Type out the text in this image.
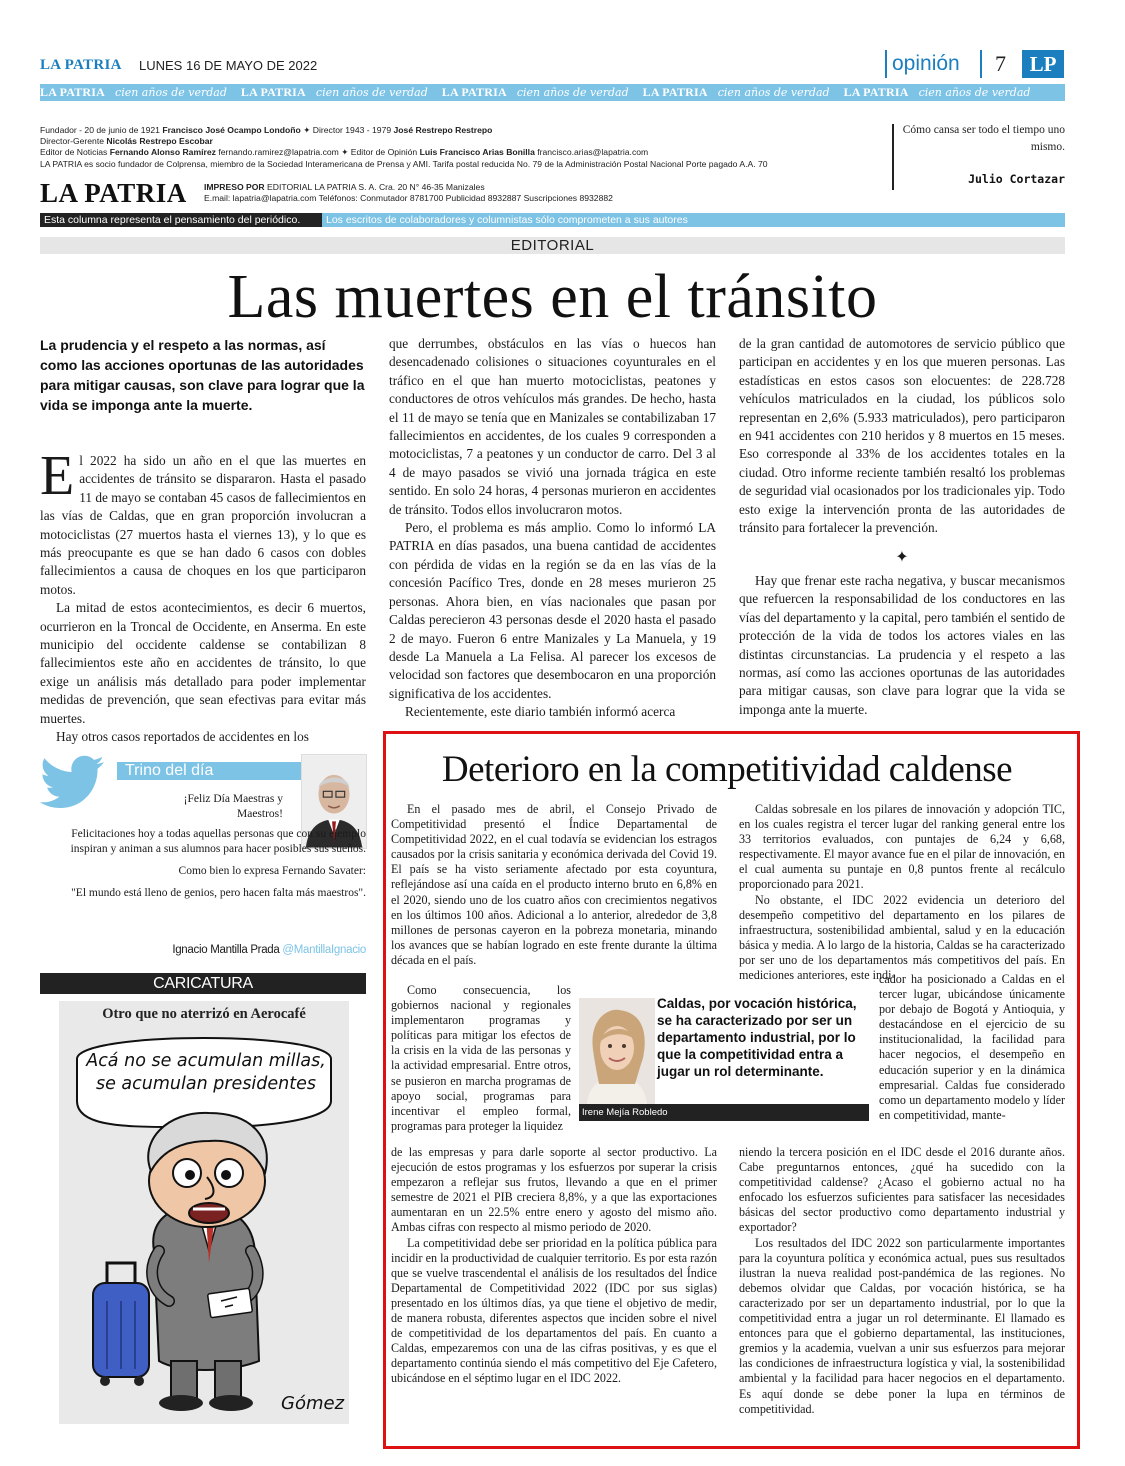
LA PATRIA LUNES 16 DE MAYO DE 2022	opinión 7	LP
LA PATRIA cien años de verdad LA PATRIA cien años de verdad LA PATRIA cien años de verdad LA PATRIA cien años de verdad LA PATRIA cien años de verdad
Fundador - 20 de junio de 1921 Francisco José Ocampo Londoño ✦ Director 1943 - 1979 José Restrepo Restrepo
Director-Gerente Nicolás Restrepo Escobar
Editor de Noticias Fernando Alonso Ramírez fernando.ramirez@lapatria.com ✦ Editor de Opinión Luis Francisco Arias Bonilla francisco.arias@lapatria.com
LA PATRIA es socio fundador de Colprensa, miembro de la Sociedad Interamericana de Prensa y AMI. Tarifa postal reducida No. 79 de la Administración Postal Nacional Porte pagado A.A. 70
LA PATRIA IMPRESO POR EDITORIAL LA PATRIA S. A. Cra. 20 N° 46-35 Manizales
E.mail: lapatria@lapatria.com Teléfonos: Conmutador 8781700 Publicidad 8932887 Suscripciones 8932882
Esta columna representa el pensamiento del periódico.	Los escritos de colaboradores y columnistas sólo comprometen a sus autores
Cómo cansa ser todo el tiempo uno mismo.
Julio Cortazar
EDITORIAL
Las muertes en el tránsito
La prudencia y el respeto a las normas, así como las acciones oportunas de las autoridades para mitigar causas, son clave para lograr que la vida se imponga ante la muerte.

El 2022 ha sido un año en el que las muertes en accidentes de tránsito se dispararon. Hasta el pasado 11 de mayo se contaban 45 casos de fallecimientos en las vías de Caldas, que en gran proporción involucran a motociclistas (27 muertos hasta el viernes 13), y lo que es más preocupante es que se han dado 6 casos con dobles fallecimientos a causa de choques en los que participaron motos.

La mitad de estos acontecimientos, es decir 6 muertos, ocurrieron en la Troncal de Occidente, en Anserma. En este municipio del occidente caldense se contabilizan 8 fallecimientos este año en accidentes de tránsito, lo que exige un análisis más detallado para poder implementar medidas de prevención, que sean efectivas para evitar más muertes.

Hay otros casos reportados de accidentes en los

que derrumbes, obstáculos en las vías o huecos han desencadenado colisiones o situaciones coyunturales en el tráfico en el que han muerto motociclistas, peatones y conductores de otros vehículos más grandes. De hecho, hasta el 11 de mayo se tenía que en Manizales se contabilizaban 17 fallecimientos en accidentes, de los cuales 9 corresponden a motociclistas, 7 a peatones y un conductor de carro. Del 3 al 4 de mayo pasados se vivió una jornada trágica en este sentido. En solo 24 horas, 4 personas murieron en accidentes de tránsito. Todos ellos involucraron motos.

Pero, el problema es más amplio. Como lo informó LA PATRIA en días pasados, una buena cantidad de accidentes con pérdida de vidas en la región se da en las vías de la concesión Pacífico Tres, donde en 28 meses murieron 25 personas. Ahora bien, en vías nacionales que pasan por Caldas perecieron 43 personas desde el 2020 hasta el pasado 2 de mayo. Fueron 6 entre Manizales y La Manuela, y 19 desde La Manuela a La Felisa. Al parecer los excesos de velocidad son factores que desembocaron en una proporción significativa de los accidentes.

Recientemente, este diario también informó acerca

de la gran cantidad de automotores de servicio público que participan en accidentes y en los que mueren personas. Las estadísticas en estos casos son elocuentes: de 228.728 vehículos matriculados en la ciudad, los públicos solo representan en 2,6% (5.933 matriculados), pero participaron en 941 accidentes con 210 heridos y 8 muertos en 15 meses. Eso corresponde al 33% de los accidentes totales en la ciudad. Otro informe reciente también resaltó los problemas de seguridad vial ocasionados por los tradicionales yip. Todo esto exige la intervención pronta de las autoridades de tránsito para fortalecer la prevención.

✦

Hay que frenar este racha negativa, y buscar mecanismos que refuercen la responsabilidad de los conductores en las vías del departamento y la capital, pero también el sentido de protección de la vida de todos los actores viales en las distintas circunstancias. La prudencia y el respeto a las normas, así como las acciones oportunas de las autoridades para mitigar causas, son clave para lograr que la vida se imponga ante la muerte.

Trino del día
¡Feliz Día Maestras y Maestros!
Felicitaciones hoy a todas aquellas personas que con su ejemplo inspiran y animan a sus alumnos para hacer posibles sus sueños.
Como bien lo expresa Fernando Savater:
"El mundo está lleno de genios, pero hacen falta más maestros".
Ignacio Mantilla Prada @MantillaIgnacio
CARICATURA
Gómez
Otro que no aterrizó en Aerocafé
Acá no se acumulan millas, se acumulan presidentes
Deterioro en la competitividad caldense

En el pasado mes de abril, el Consejo Privado de Competitividad presentó el Índice Departamental de Competitividad 2022, en el cual todavía se evidencian los estragos causados por la crisis sanitaria y económica derivada del Covid 19. El país se ha visto seriamente afectado por esta coyuntura, reflejándose así una caída en el producto interno bruto en 6,8% en el 2020, siendo uno de los cuatro años con crecimientos negativos en los últimos 100 años. Adicional a lo anterior, alrededor de 3,8 millones de personas cayeron en la pobreza monetaria, minando los avances que se habían logrado en este frente durante la última década en el país.

Como consecuencia, los gobiernos nacional y regionales implementaron programas y políticas para mitigar los efectos de la crisis en la vida de las personas y la actividad empresarial. Entre otros, se pusieron en marcha programas de apoyo social, programas para incentivar el empleo formal, programas para proteger la liquidez

de las empresas y para darle soporte al sector productivo. La ejecución de estos programas y los esfuerzos por superar la crisis empezaron a reflejar sus frutos, llevando a que en el primer semestre de 2021 el PIB creciera 8,8%, y a que las exportaciones aumentaran en un 22.5% entre enero y agosto del mismo año. Ambas cifras con respecto al mismo periodo de 2020.

La competitividad debe ser prioridad en la política pública para incidir en la productividad de cualquier territorio. Es por esta razón que se vuelve trascendental el análisis de los resultados del Índice Departamental de Competitividad 2022 (IDC por sus siglas) presentado en los últimos días, ya que tiene el objetivo de medir, de manera robusta, diferentes aspectos que inciden sobre el nivel de competitividad de los departamentos del país. En cuanto a Caldas, empezaremos con una de las cifras positivas, y es que el departamento continúa siendo el más competitivo del Eje Cafetero, ubicándose en el séptimo lugar en el IDC 2022.

Caldas sobresale en los pilares de innovación y adopción TIC, en los cuales registra el tercer lugar del ranking general entre los 33 territorios evaluados, con puntajes de 6,24 y 6,68, respectivamente. El mayor avance fue en el pilar de innovación, en el cual aumenta su puntaje en 0,8 puntos frente al recálculo proporcionado para 2021.

No obstante, el IDC 2022 evidencia un deterioro del desempeño competitivo del departamento en los pilares de infraestructura, sostenibilidad ambiental, salud y en la educación básica y media. A lo largo de la historia, Caldas se ha caracterizado por ser uno de los departamentos más competitivos del país. En mediciones anteriores, este indi-

cador ha posicionado a Caldas en el tercer lugar, ubicándose únicamente por debajo de Bogotá y Antioquia, y destacándose en el ejercicio de su institucionalidad, la facilidad para hacer negocios, el desempeño en educación superior y en la dinámica empresarial. Caldas fue considerado como un departamento modelo y líder en competitividad, mante-

niendo la tercera posición en el IDC desde el 2016 durante años. Cabe preguntarnos entonces, ¿qué ha sucedido con la competitividad caldense? ¿Acaso el gobierno actual no ha enfocado los esfuerzos suficientes para satisfacer las necesidades básicas del sector productivo como departamento industrial y exportador?

Los resultados del IDC 2022 son particularmente importantes para la coyuntura política y económica actual, pues sus resultados ilustran la nueva realidad post-pandémica de las regiones. No debemos olvidar que Caldas, por vocación histórica, se ha caracterizado por ser un departamento industrial, por lo que la competitividad entra a jugar un rol determinante. El llamado es entonces para que el gobierno departamental, las instituciones, gremios y la academia, vuelvan a unir sus esfuerzos para mejorar las condiciones de infraestructura logística y vial, la sostenibilidad ambiental y la facilidad para hacer negocios en el departamento. Es aquí donde se debe poner la lupa en términos de competitividad.

Caldas, por vocación histórica, se ha caracterizado por ser un departamento industrial, por lo que la competitividad entra a jugar un rol determinante.
Irene Mejía Robledo
